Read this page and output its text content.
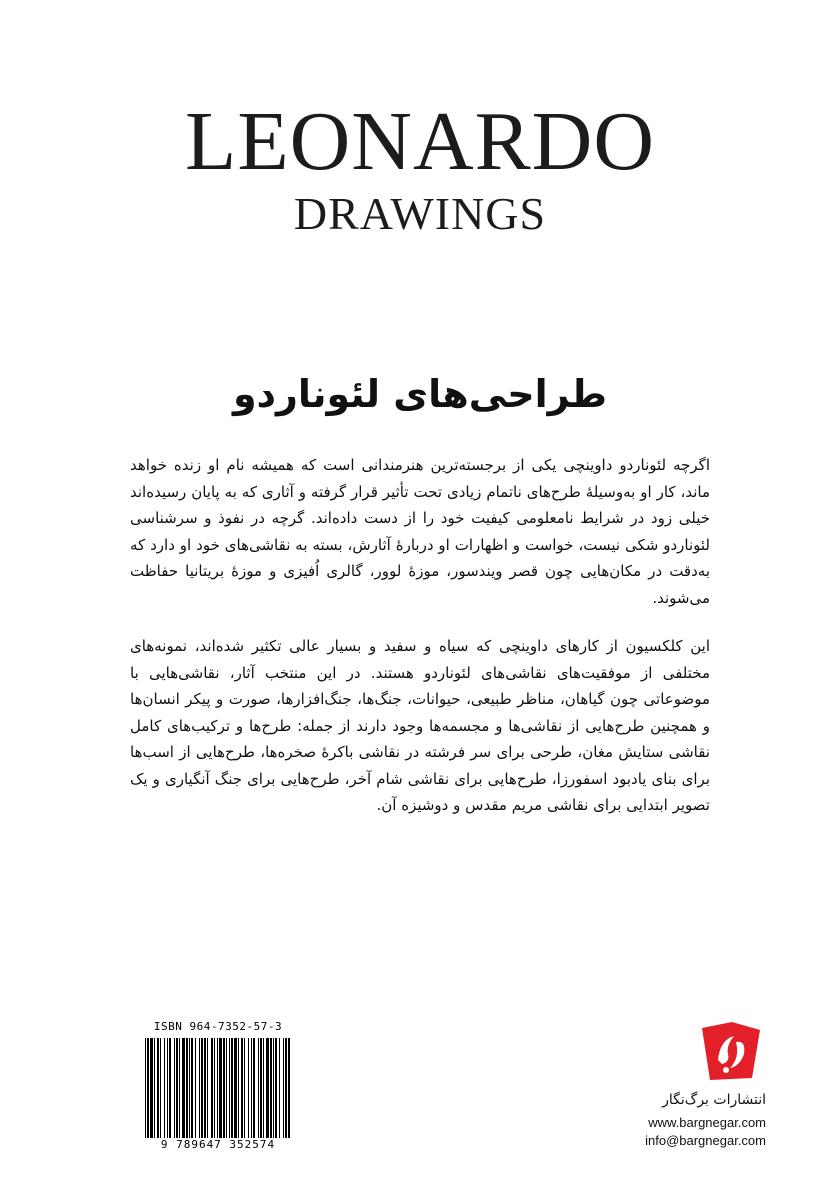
LEONARDO
DRAWINGS
طراحی‌های لئوناردو

اگرچه لئوناردو داوینچی یکی از برجسته‌ترین هنرمندانی است که همیشه نام او زنده خواهد ماند، کار او به‌وسیلهٔ طرح‌های ناتمام زیادی تحت تأثیر قرار گرفته و آثاری که به پایان رسیده‌اند خیلی زود در شرایط نامعلومی کیفیت خود را از دست داده‌اند. گرچه در نفوذ و سرشناسی لئوناردو شکی نیست، خواست و اظهارات او دربارهٔ آثارش، بسته به نقاشی‌های خود او دارد که به‌دقت در مکان‌هایی چون قصر ویندسور، موزهٔ لوور، گالری اُفیزی و موزهٔ بریتانیا حفاظت می‌شوند.

این کلکسیون از کارهای داوینچی که سیاه و سفید و بسیار عالی تکثیر شده‌اند، نمونه‌های مختلفی از موفقیت‌های نقاشی‌های لئوناردو هستند. در این منتخب آثار، نقاشی‌هایی با موضوعاتی چون گیاهان، مناظر طبیعی، حیوانات، جنگ‌ها، جنگ‌افزارها، صورت و پیکر انسان‌ها و همچنین طرح‌هایی از نقاشی‌ها و مجسمه‌ها وجود دارند از جمله: طرح‌ها و ترکیب‌های کامل نقاشی ستایش مغان، طرحی برای سر فرشته در نقاشی باکرهٔ صخره‌ها، طرح‌هایی از اسب‌ها برای بنای یادبود اسفورزا، طرح‌هایی برای نقاشی شام آخر، طرح‌هایی برای جنگ آنگیاری و یک تصویر ابتدایی برای نقاشی مریم مقدس و دوشیزه آن.

ISBN 964-7352-57-3
9 789647 352574
انتشارات برگ‌نگار
www.bargnegar.com
info@bargnegar.com
